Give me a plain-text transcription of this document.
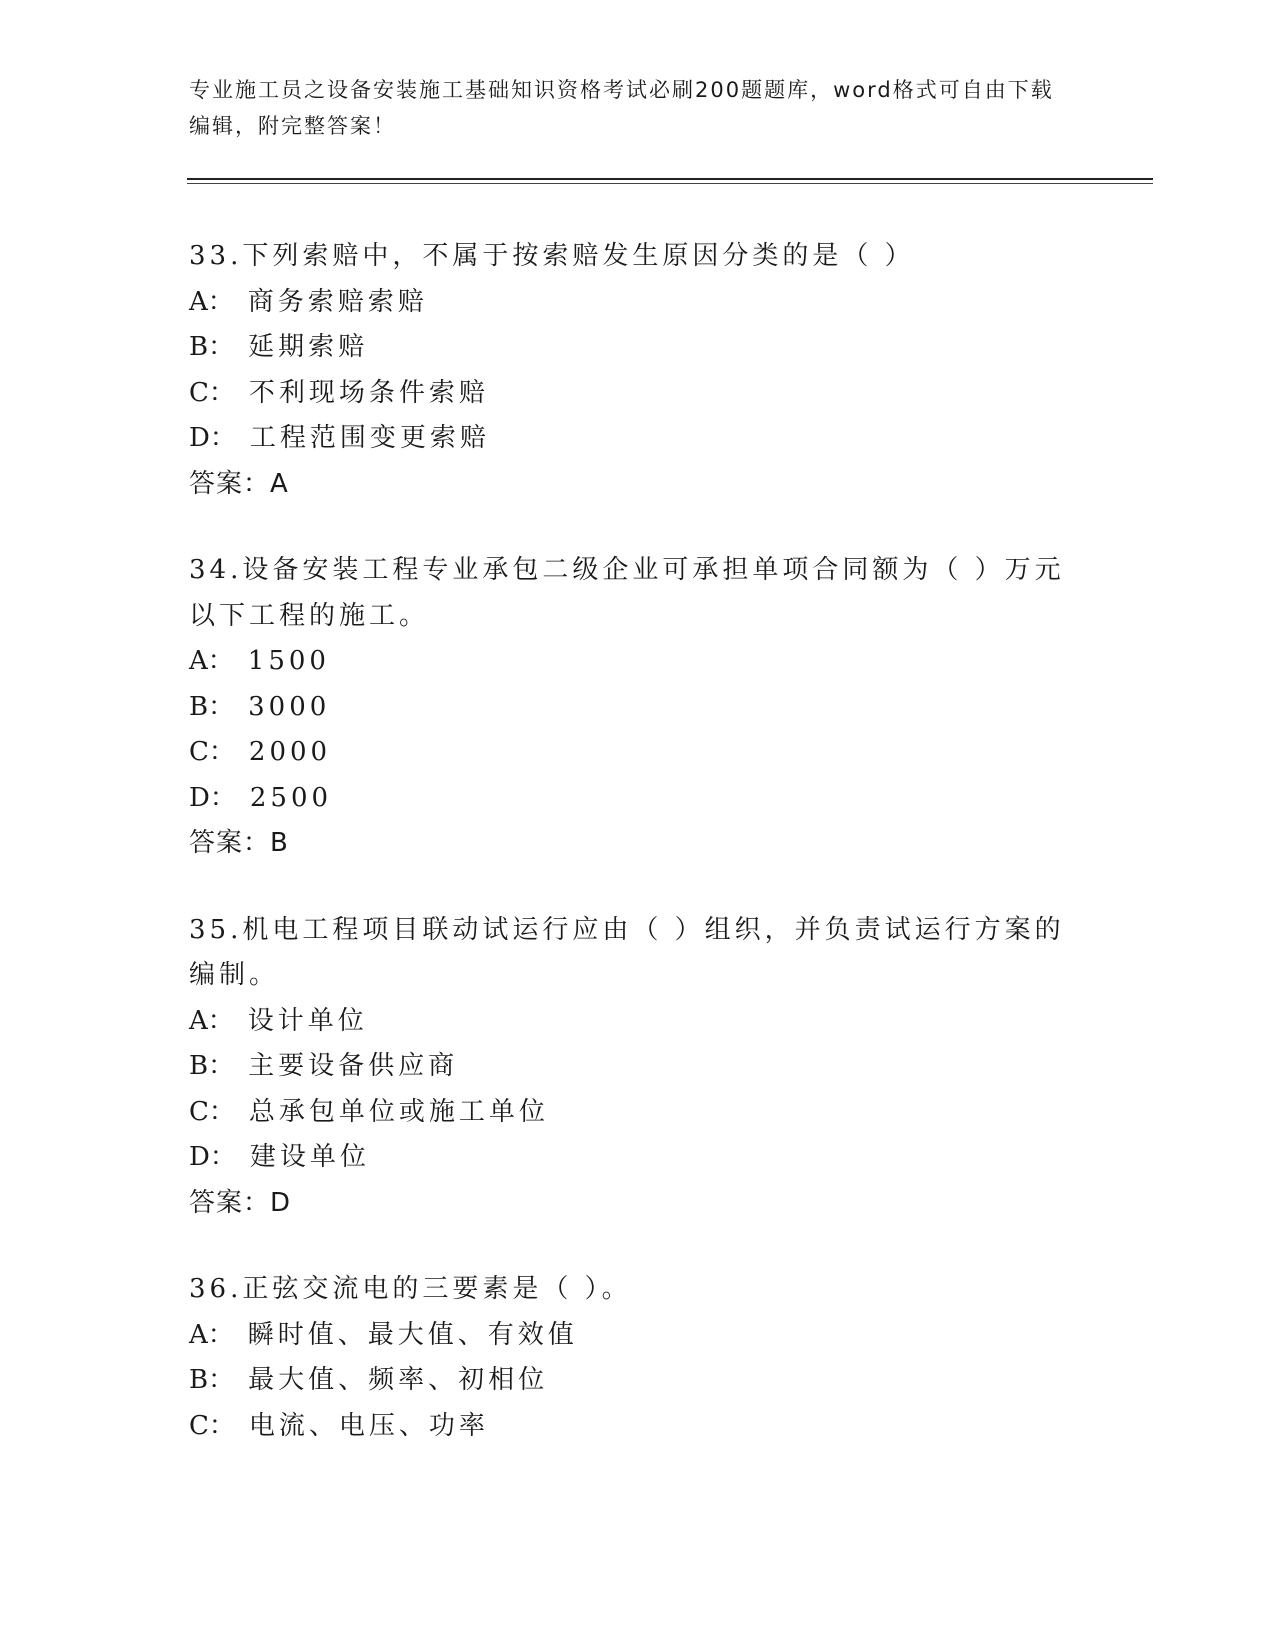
专业施工员之设备安装施工基础知识资格考试必刷200题题库，word格式可自由下载编辑，附完整答案！

33.下列索赔中，不属于按索赔发生原因分类的是（ ）

A： 商务索赔索赔

B： 延期索赔

C： 不利现场条件索赔

D： 工程范围变更索赔

答案：A

34.设备安装工程专业承包二级企业可承担单项合同额为（ ）万元以下工程的施工。

A： 1500

B： 3000

C： 2000

D： 2500

答案：B

35.机电工程项目联动试运行应由（ ）组织，并负责试运行方案的编制。

A： 设计单位

B： 主要设备供应商

C： 总承包单位或施工单位

D： 建设单位

答案：D

36.正弦交流电的三要素是（ ）。

A： 瞬时值、最大值、有效值

B： 最大值、频率、初相位

C： 电流、电压、功率
